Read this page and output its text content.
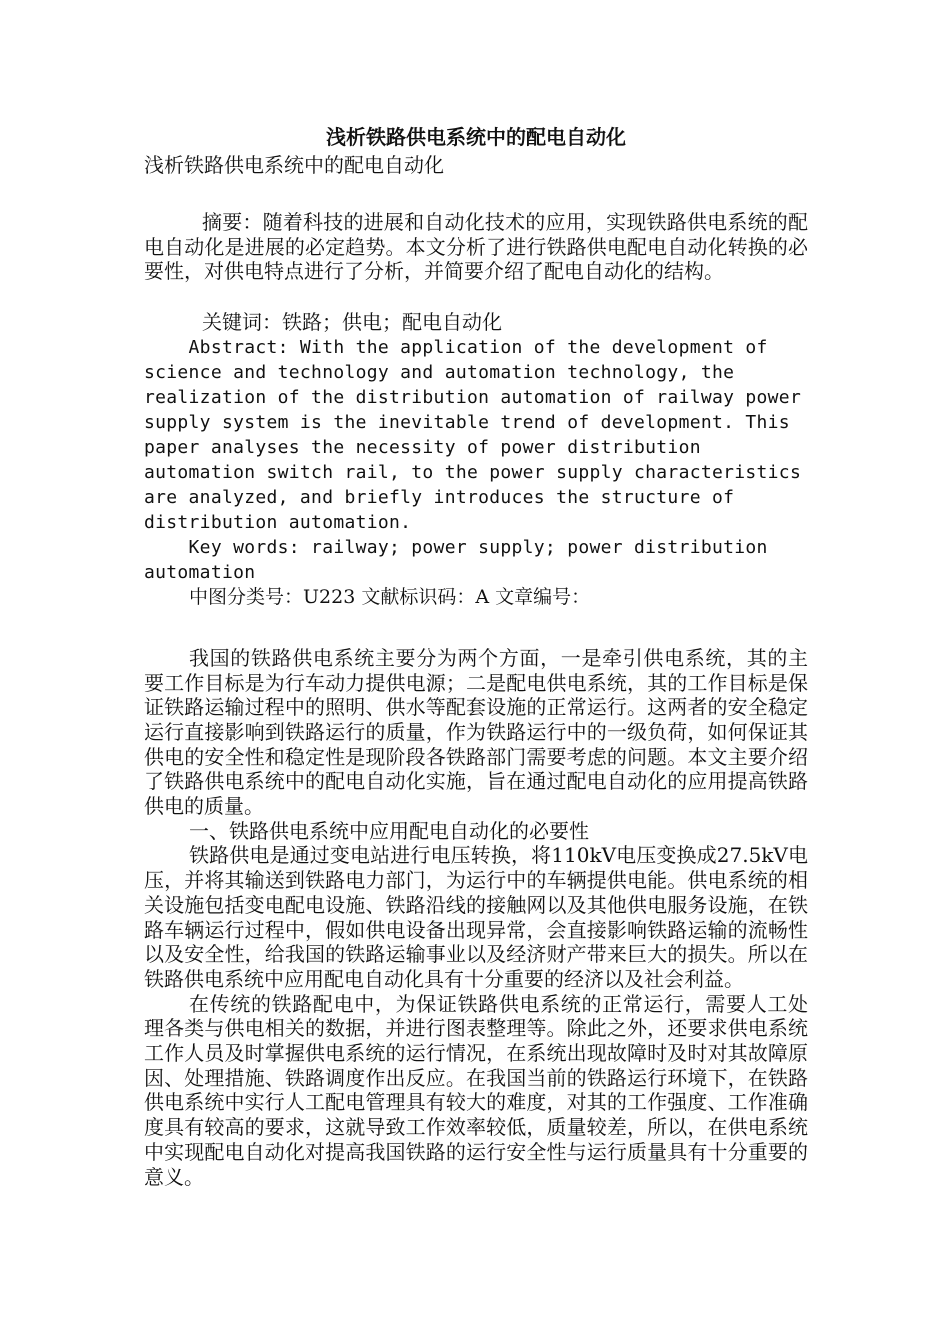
浅析铁路供电系统中的配电自动化

浅析铁路供电系统中的配电自动化

摘要：随着科技的进展和自动化技术的应用，实现铁路供电系统的配电自动化是进展的必定趋势。本文分析了进行铁路供电配电自动化转换的必要性，对供电特点进行了分析，并简要介绍了配电自动化的结构。

关键词：铁路；供电；配电自动化

Abstract: With the application of the development of

science and technology and automation technology, the

realization of the distribution automation of railway power

supply system is the inevitable trend of development. This

paper analyses the necessity of power distribution

automation switch rail, to the power supply characteristics

are analyzed, and briefly introduces the structure of

distribution automation.

Key words: railway; power supply; power distribution

automation

中图分类号：U223 文献标识码：A 文章编号：

我国的铁路供电系统主要分为两个方面，一是牵引供电系统，其的主要工作目标是为行车动力提供电源；二是配电供电系统，其的工作目标是保证铁路运输过程中的照明、供水等配套设施的正常运行。这两者的安全稳定运行直接影响到铁路运行的质量，作为铁路运行中的一级负荷，如何保证其供电的安全性和稳定性是现阶段各铁路部门需要考虑的问题。本文主要介绍了铁路供电系统中的配电自动化实施，旨在通过配电自动化的应用提高铁路供电的质量。

一、铁路供电系统中应用配电自动化的必要性

铁路供电是通过变电站进行电压转换，将110kV电压变换成27.5kV电压，并将其输送到铁路电力部门，为运行中的车辆提供电能。供电系统的相关设施包括变电配电设施、铁路沿线的接触网以及其他供电服务设施，在铁路车辆运行过程中，假如供电设备出现异常，会直接影响铁路运输的流畅性以及安全性，给我国的铁路运输事业以及经济财产带来巨大的损失。所以在铁路供电系统中应用配电自动化具有十分重要的经济以及社会利益。

在传统的铁路配电中，为保证铁路供电系统的正常运行，需要人工处理各类与供电相关的数据，并进行图表整理等。除此之外，还要求供电系统工作人员及时掌握供电系统的运行情况，在系统出现故障时及时对其故障原因、处理措施、铁路调度作出反应。在我国当前的铁路运行环境下，在铁路供电系统中实行人工配电管理具有较大的难度，对其的工作强度、工作准确度具有较高的要求，这就导致工作效率较低，质量较差，所以，在供电系统中实现配电自动化对提高我国铁路的运行安全性与运行质量具有十分重要的意义。
